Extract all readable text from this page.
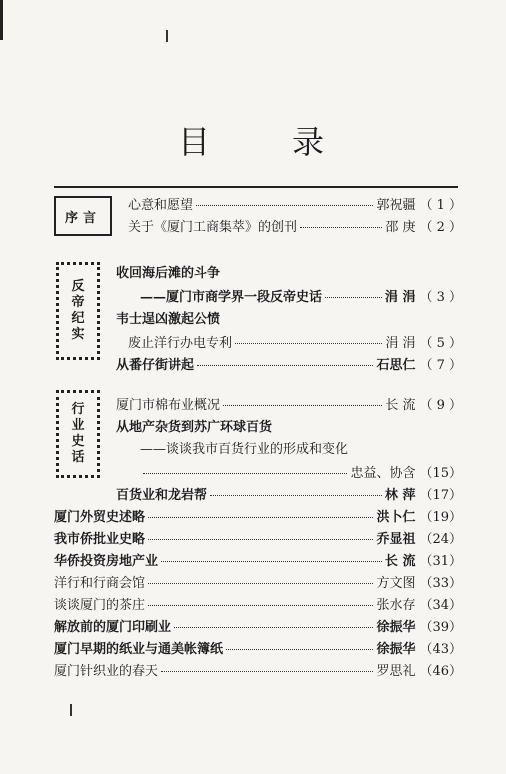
目	录
序言
反
帝
纪
实
行
业
史
话
心意和愿望	郭祝疆 （ 1 ）
关于《厦门工商集萃》的创刊	邵 庚 （ 2 ）
收回海后滩的斗争
——厦门市商学界一段反帝史话	涓 涓 （ 3 ）
韦士逞凶激起公愤
废止洋行办电专利	涓 涓 （ 5 ）
从番仔街讲起	石思仁 （ 7 ）
厦门市棉布业概况	长 流 （ 9 ）
从地产杂货到苏广环球百货
——谈谈我市百货行业的形成和变化
忠益、协含 （15）
百货业和龙岩帮	林 萍 （17）
厦门外贸史述略	洪卜仁 （19）
我市侨批业史略	乔显祖 （24）
华侨投资房地产业	长 流 （31）
洋行和行商会馆	方文图 （33）
谈谈厦门的茶庄	张水存 （34）
解放前的厦门印刷业	徐振华 （39）
厦门早期的纸业与通美帐簿纸	徐振华 （43）
厦门针织业的春天	罗思礼 （46）
